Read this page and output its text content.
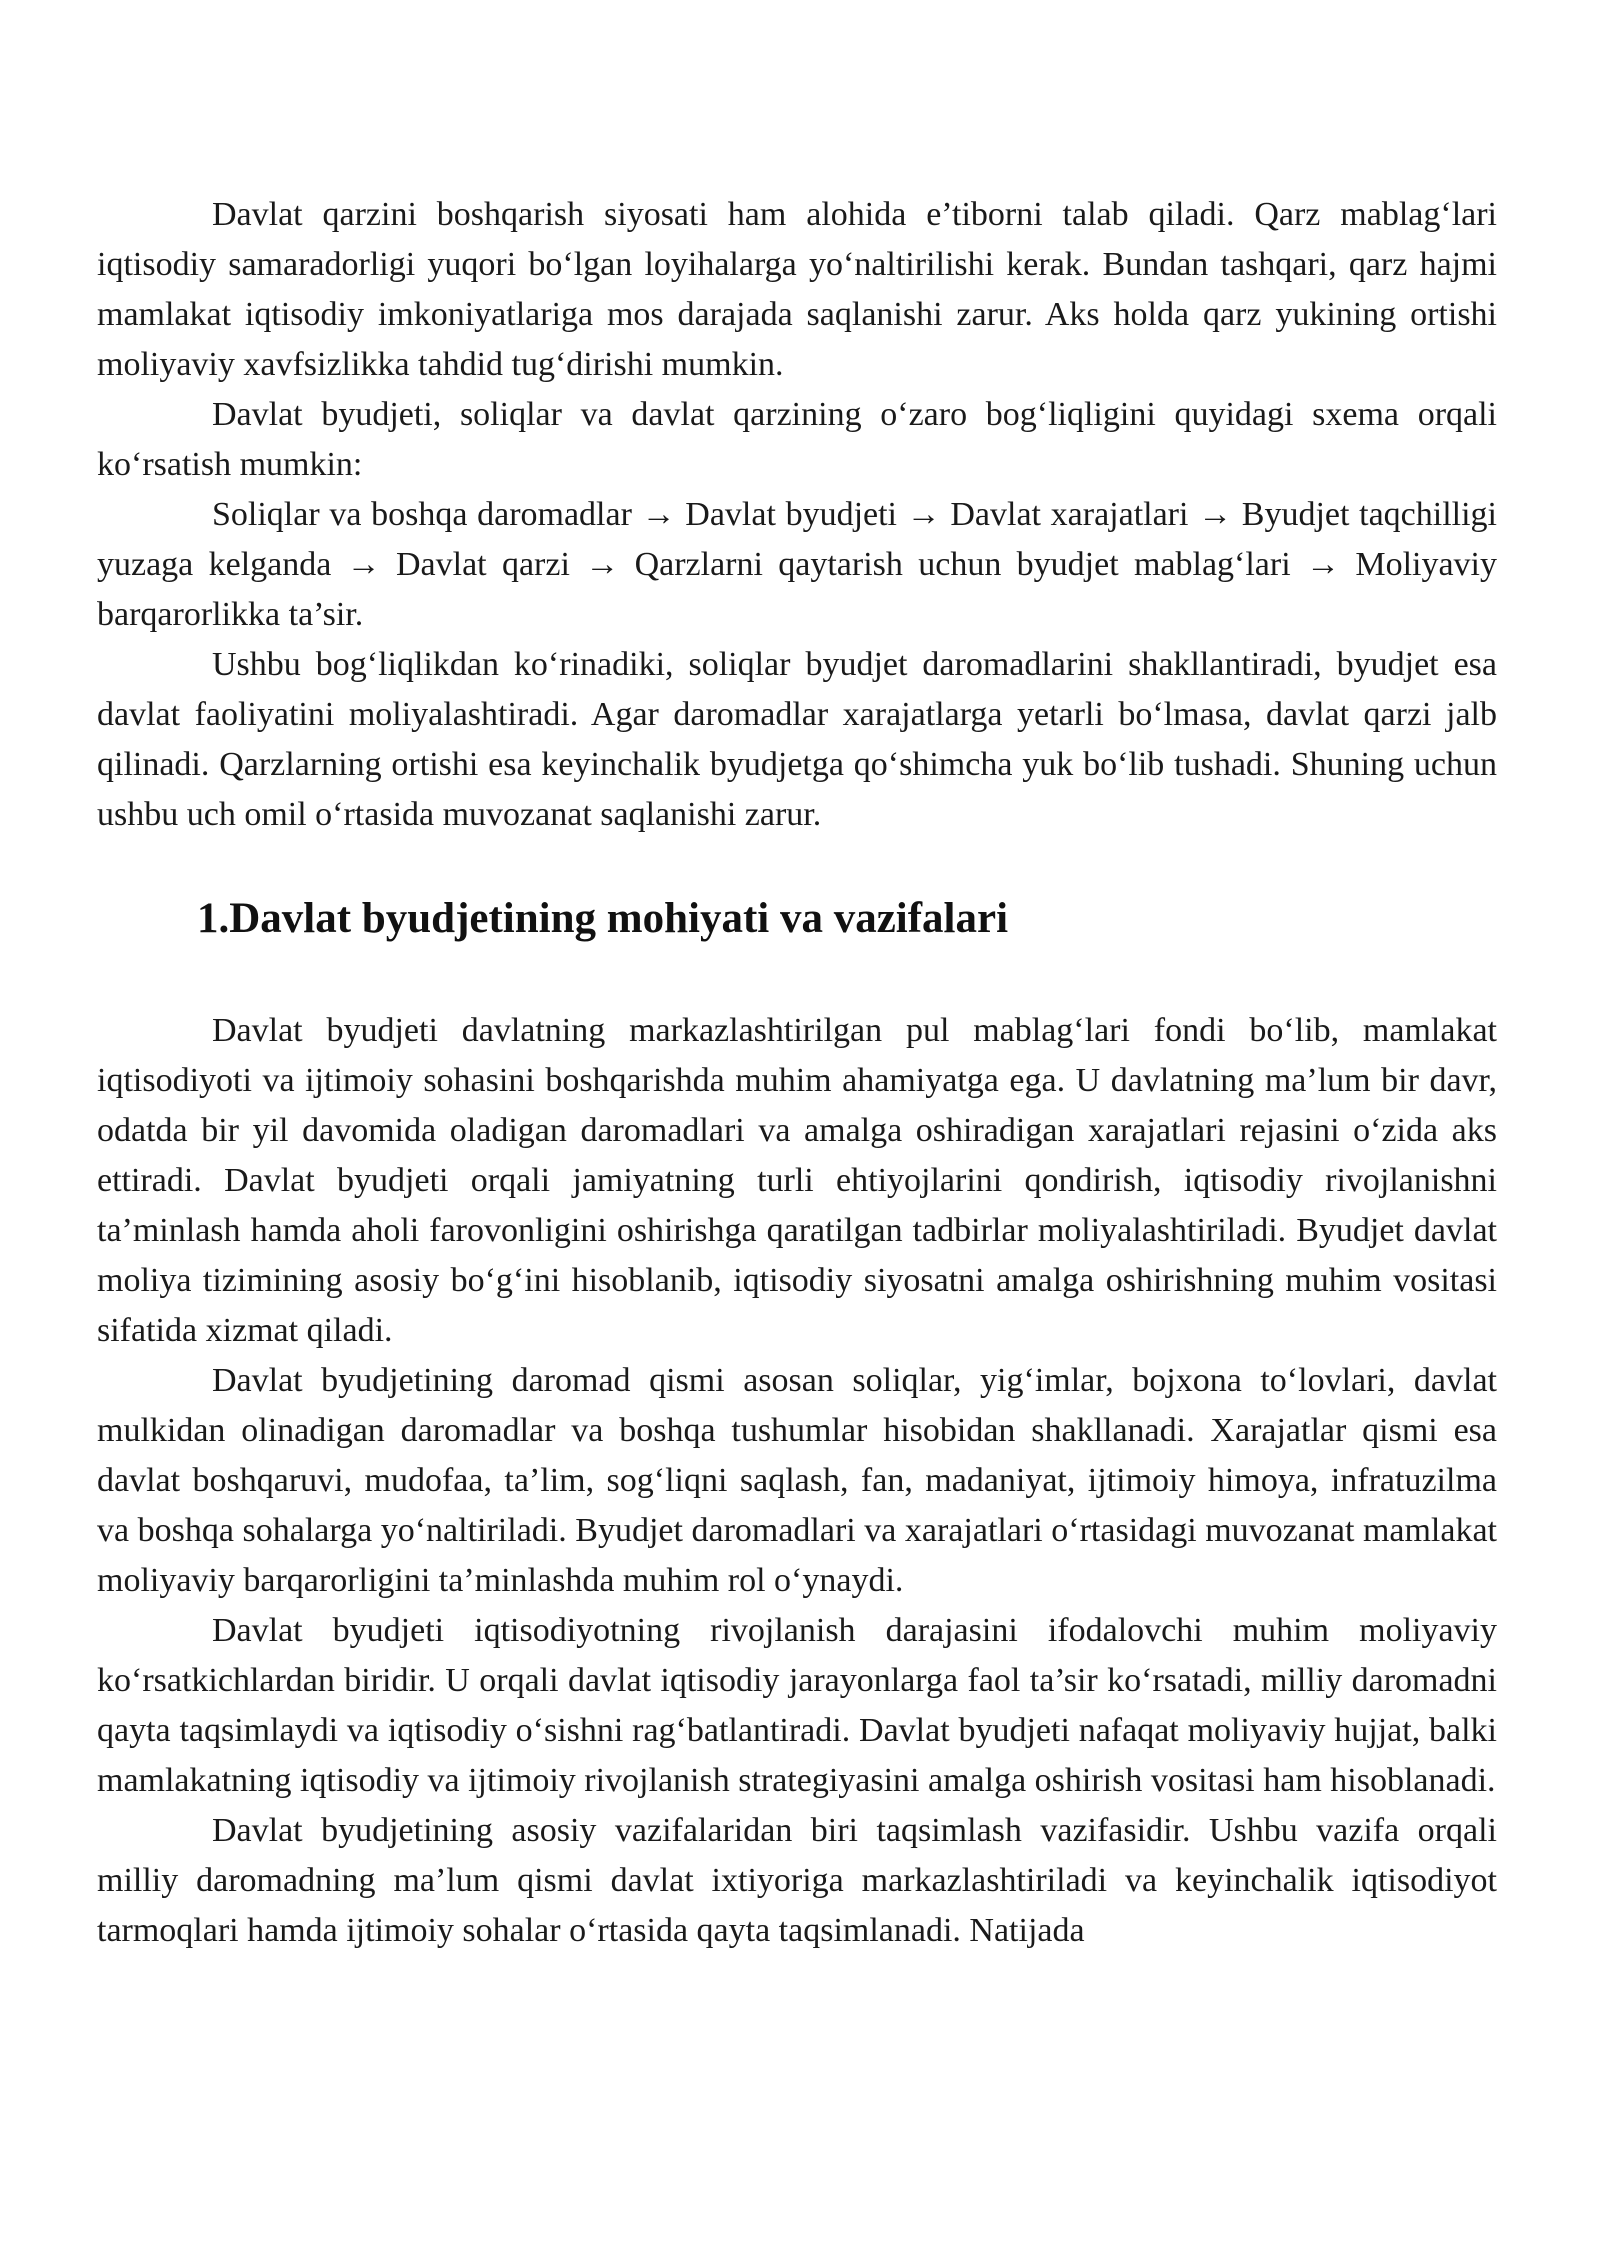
Davlat qarzini boshqarish siyosati ham alohida e’tiborni talab qiladi. Qarz mablag‘lari iqtisodiy samaradorligi yuqori bo‘lgan loyihalarga yo‘naltirilishi kerak. Bundan tashqari, qarz hajmi mamlakat iqtisodiy imkoniyatlariga mos darajada saqlanishi zarur. Aks holda qarz yukining ortishi moliyaviy xavfsizlikka tahdid tug‘dirishi mumkin.

Davlat byudjeti, soliqlar va davlat qarzining o‘zaro bog‘liqligini quyidagi sxema orqali ko‘rsatish mumkin:

Soliqlar va boshqa daromadlar → Davlat byudjeti → Davlat xarajatlari → Byudjet taqchilligi yuzaga kelganda → Davlat qarzi → Qarzlarni qaytarish uchun byudjet mablag‘lari → Moliyaviy barqarorlikka ta’sir.

Ushbu bog‘liqlikdan ko‘rinadiki, soliqlar byudjet daromadlarini shakllantiradi, byudjet esa davlat faoliyatini moliyalashtiradi. Agar daromadlar xarajatlarga yetarli bo‘lmasa, davlat qarzi jalb qilinadi. Qarzlarning ortishi esa keyinchalik byudjetga qo‘shimcha yuk bo‘lib tushadi. Shuning uchun ushbu uch omil o‘rtasida muvozanat saqlanishi zarur.

1.Davlat byudjetining mohiyati va vazifalari

Davlat byudjeti davlatning markazlashtirilgan pul mablag‘lari fondi bo‘lib, mamlakat iqtisodiyoti va ijtimoiy sohasini boshqarishda muhim ahamiyatga ega. U davlatning ma’lum bir davr, odatda bir yil davomida oladigan daromadlari va amalga oshiradigan xarajatlari rejasini o‘zida aks ettiradi. Davlat byudjeti orqali jamiyatning turli ehtiyojlarini qondirish, iqtisodiy rivojlanishni ta’minlash hamda aholi farovonligini oshirishga qaratilgan tadbirlar moliyalashtiriladi. Byudjet davlat moliya tizimining asosiy bo‘g‘ini hisoblanib, iqtisodiy siyosatni amalga oshirishning muhim vositasi sifatida xizmat qiladi.

Davlat byudjetining daromad qismi asosan soliqlar, yig‘imlar, bojxona to‘lovlari, davlat mulkidan olinadigan daromadlar va boshqa tushumlar hisobidan shakllanadi. Xarajatlar qismi esa davlat boshqaruvi, mudofaa, ta’lim, sog‘liqni saqlash, fan, madaniyat, ijtimoiy himoya, infratuzilma va boshqa sohalarga yo‘naltiriladi. Byudjet daromadlari va xarajatlari o‘rtasidagi muvozanat mamlakat moliyaviy barqarorligini ta’minlashda muhim rol o‘ynaydi.

Davlat byudjeti iqtisodiyotning rivojlanish darajasini ifodalovchi muhim moliyaviy ko‘rsatkichlardan biridir. U orqali davlat iqtisodiy jarayonlarga faol ta’sir ko‘rsatadi, milliy daromadni qayta taqsimlaydi va iqtisodiy o‘sishni rag‘batlantiradi. Davlat byudjeti nafaqat moliyaviy hujjat, balki mamlakatning iqtisodiy va ijtimoiy rivojlanish strategiyasini amalga oshirish vositasi ham hisoblanadi.

Davlat byudjetining asosiy vazifalaridan biri taqsimlash vazifasidir. Ushbu vazifa orqali milliy daromadning ma’lum qismi davlat ixtiyoriga markazlashtiriladi va keyinchalik iqtisodiyot tarmoqlari hamda ijtimoiy sohalar o‘rtasida qayta taqsimlanadi. Natijada
